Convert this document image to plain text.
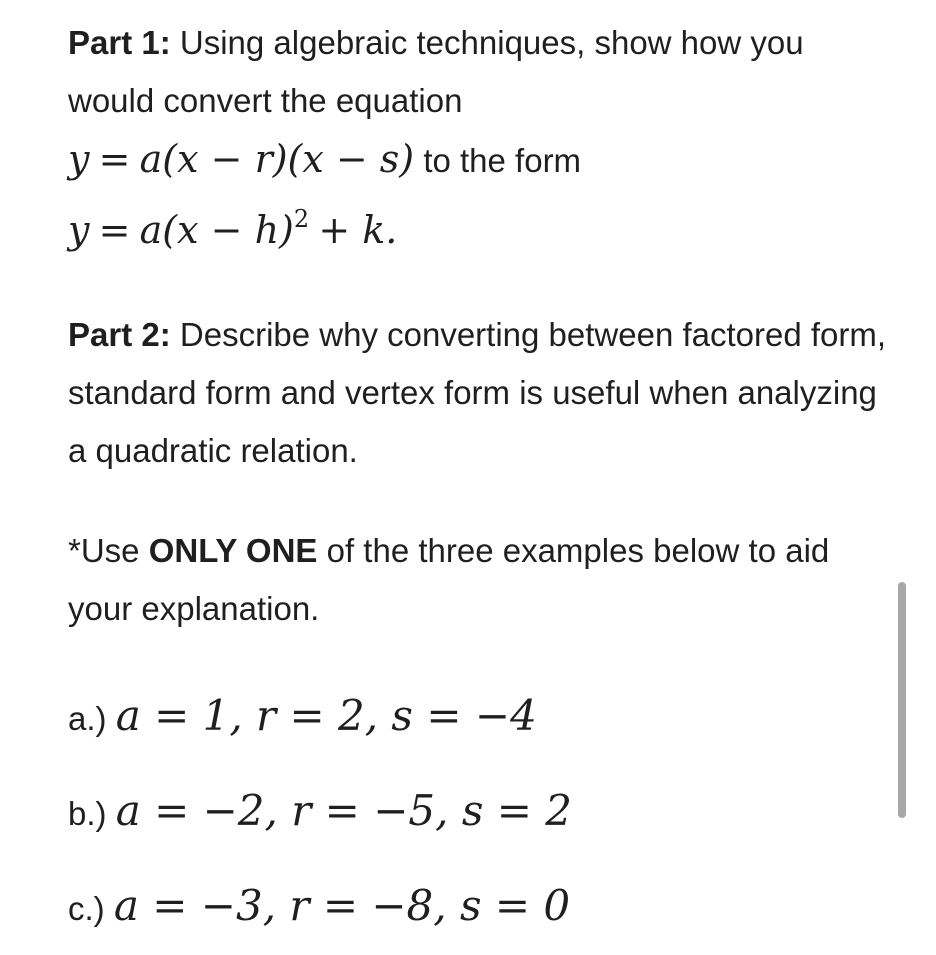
Part 1: Using algebraic techniques, show how you would convert the equation

y = a(x − r)(x − s) to the form
$y = a(x - h)^2 + k$.

Part 2: Describe why converting between factored form, standard form and vertex form is useful when analyzing a quadratic relation.

*Use ONLY ONE of the three examples below to aid your explanation.

a.) a = 1, r = 2, s = −4
b.) a = −2, r = −5, s = 2
c.) a = −3, r = −8, s = 0
